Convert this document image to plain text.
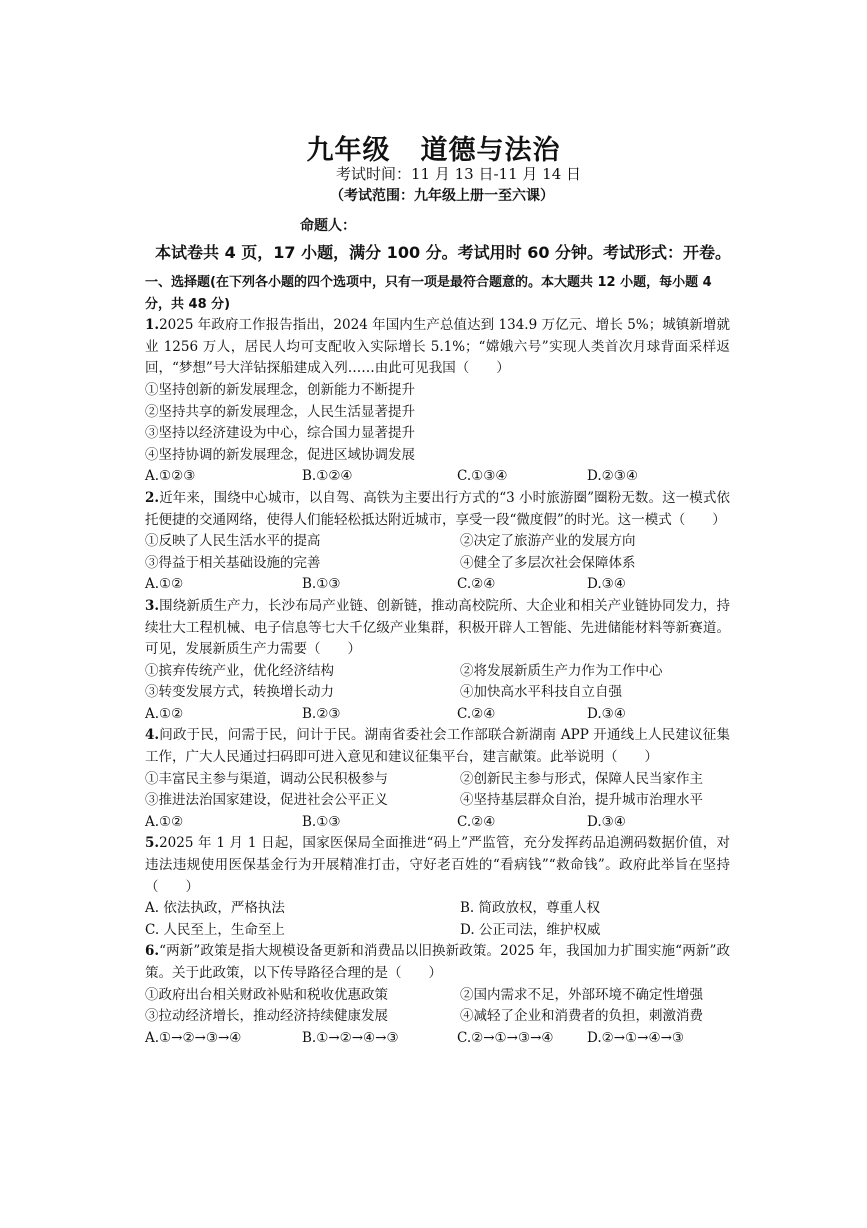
九年级 道德与法治
考试时间：11 月 13 日-11 月 14 日
（考试范围：九年级上册一至六课）
命题人：
本试卷共 4 页，17 小题，满分 100 分。考试用时 60 分钟。考试形式：开卷。

一、选择题(在下列各小题的四个选项中，只有一项是最符合题意的。本大题共 12 小题，每小题 4 分，共 48 分)

1.2025 年政府工作报告指出，2024 年国内生产总值达到 134.9 万亿元、增长 5%；城镇新增就业 1256 万人，居民人均可支配收入实际增长 5.1%；“嫦娥六号”实现人类首次月球背面采样返回，“梦想”号大洋钻探船建成入列……由此可见我国（　　）

①坚持创新的新发展理念，创新能力不断提升

②坚持共享的新发展理念，人民生活显著提升

③坚持以经济建设为中心，综合国力显著提升

④坚持协调的新发展理念，促进区域协调发展

A.①②③	B.①②④	C.①③④	D.②③④

2.近年来，围绕中心城市，以自驾、高铁为主要出行方式的“3 小时旅游圈”圈粉无数。这一模式依托便捷的交通网络，使得人们能轻松抵达附近城市，享受一段“微度假”的时光。这一模式（　　）

①反映了人民生活水平的提高	②决定了旅游产业的发展方向
③得益于相关基础设施的完善	④健全了多层次社会保障体系
A.①②	B.①③	C.②④	D.③④

3.围绕新质生产力，长沙布局产业链、创新链，推动高校院所、大企业和相关产业链协同发力，持续壮大工程机械、电子信息等七大千亿级产业集群，积极开辟人工智能、先进储能材料等新赛道。可见，发展新质生产力需要（　　）

①摈弃传统产业，优化经济结构	②将发展新质生产力作为工作中心
③转变发展方式，转换增长动力	④加快高水平科技自立自强
A.①②	B.②③	C.②④	D.③④

4.问政于民，问需于民，问计于民。湖南省委社会工作部联合新湖南 APP 开通线上人民建议征集工作，广大人民通过扫码即可进入意见和建议征集平台，建言献策。此举说明（　　）

①丰富民主参与渠道，调动公民积极参与	②创新民主参与形式，保障人民当家作主
③推进法治国家建设，促进社会公平正义	④坚持基层群众自治，提升城市治理水平
A.①②	B.①③	C.②④	D.③④

5.2025 年 1 月 1 日起，国家医保局全面推进“码上”严监管，充分发挥药品追溯码数据价值，对违法违规使用医保基金行为开展精准打击，守好老百姓的“看病钱”“救命钱”。政府此举旨在坚持（　　）

A. 依法执政，严格执法	B. 简政放权，尊重人权
C. 人民至上，生命至上	D. 公正司法，维护权威

6.“两新”政策是指大规模设备更新和消费品以旧换新政策。2025 年，我国加力扩围实施“两新”政策。关于此政策，以下传导路径合理的是（　　）

①政府出台相关财政补贴和税收优惠政策	②国内需求不足，外部环境不确定性增强
③拉动经济增长，推动经济持续健康发展	④减轻了企业和消费者的负担，刺激消费
A.①→②→③→④	B.①→②→④→③	C.②→①→③→④	D.②→①→④→③
